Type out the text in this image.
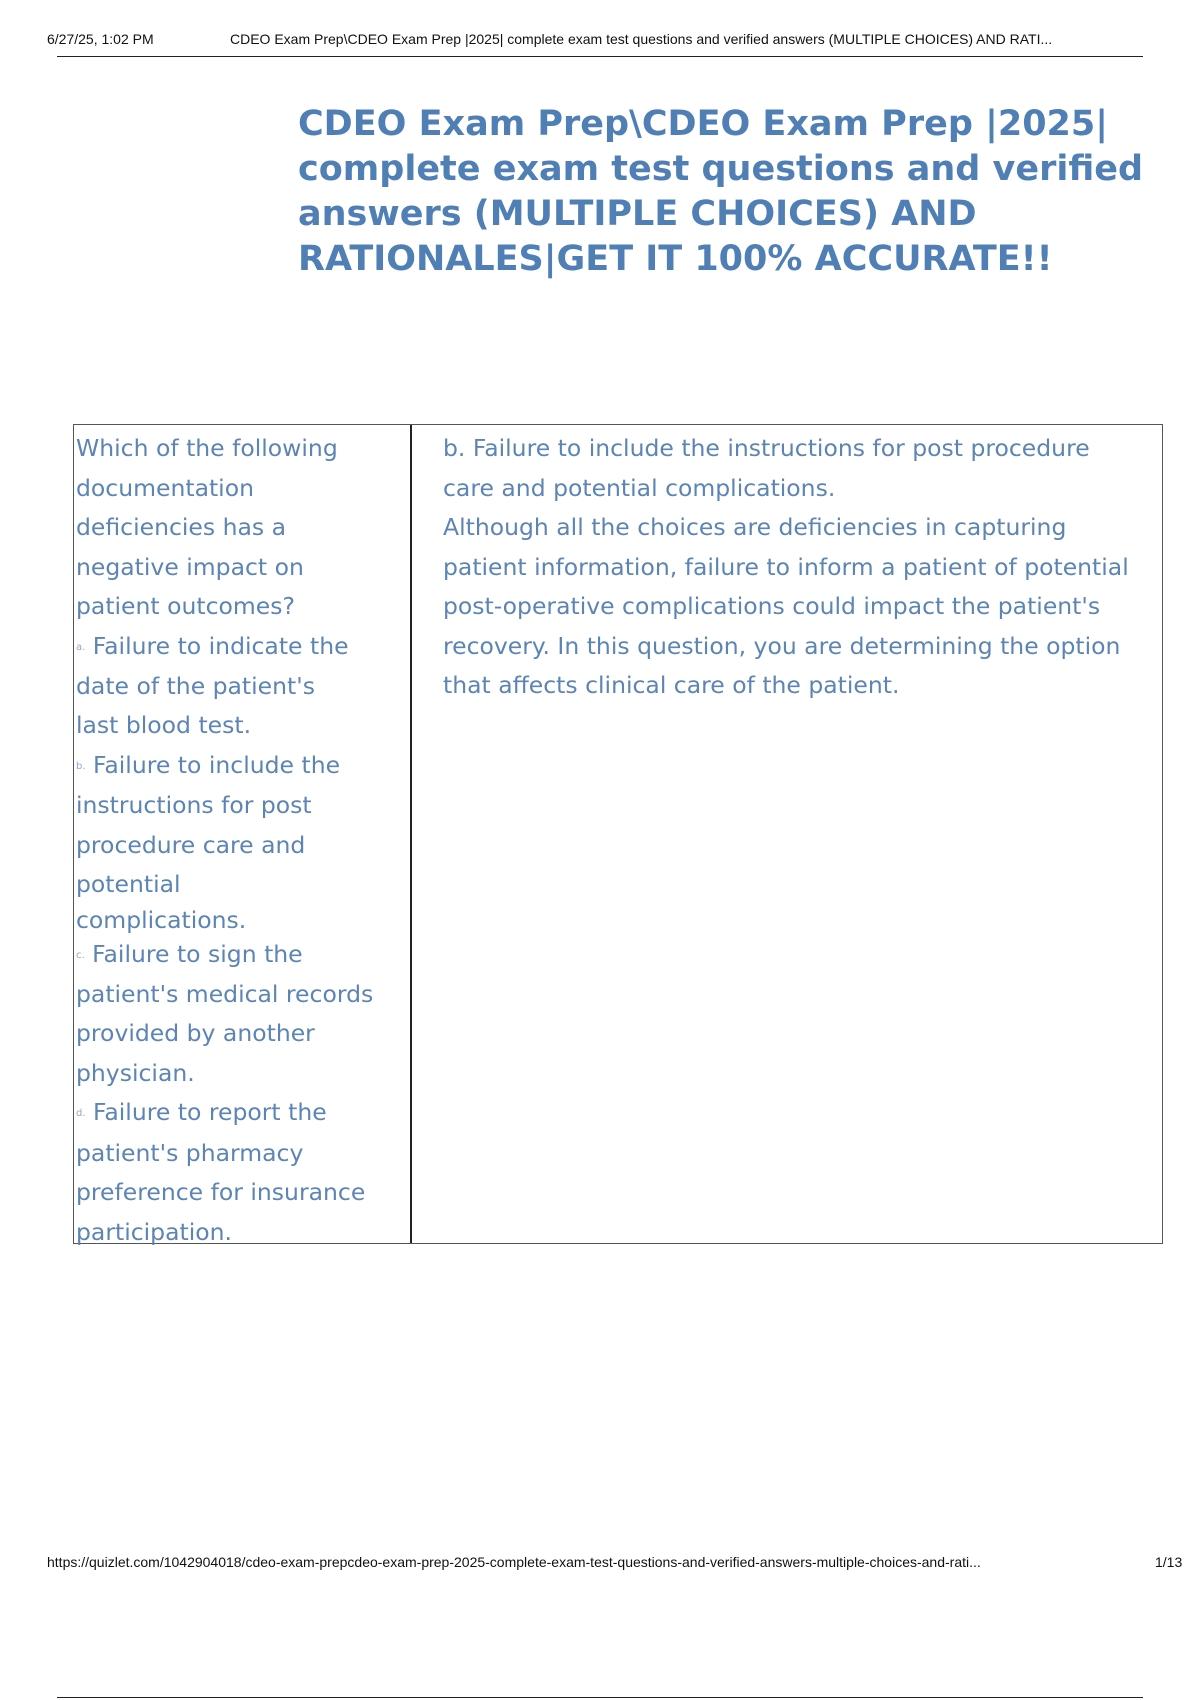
6/27/25, 1:02 PM	CDEO Exam Prep\CDEO Exam Prep |2025| complete exam test questions and verified answers (MULTIPLE CHOICES) AND RATI...
CDEO Exam Prep\CDEO Exam Prep |2025| complete exam test questions and verified answers (MULTIPLE CHOICES) AND RATIONALES|GET IT 100% ACCURATE!!
Which of the following
documentation
deficiencies has a
negative impact on
patient outcomes?
a. Failure to indicate the
date of the patient's
last blood test.
b. Failure to include the
instructions for post
procedure care and
potential
complications.
c. Failure to sign the
patient's medical records
provided by another
physician.
d. Failure to report the
patient's pharmacy
preference for insurance
participation.

b. Failure to include the instructions for post procedure care and potential complications.

Although all the choices are deficiencies in capturing patient information, failure to inform a patient of potential post-operative complications could impact the patient's recovery. In this question, you are determining the option that affects clinical care of the patient.

https://quizlet.com/1042904018/cdeo-exam-prepcdeo-exam-prep-2025-complete-exam-test-questions-and-verified-answers-multiple-choices-and-rati...	1/13
